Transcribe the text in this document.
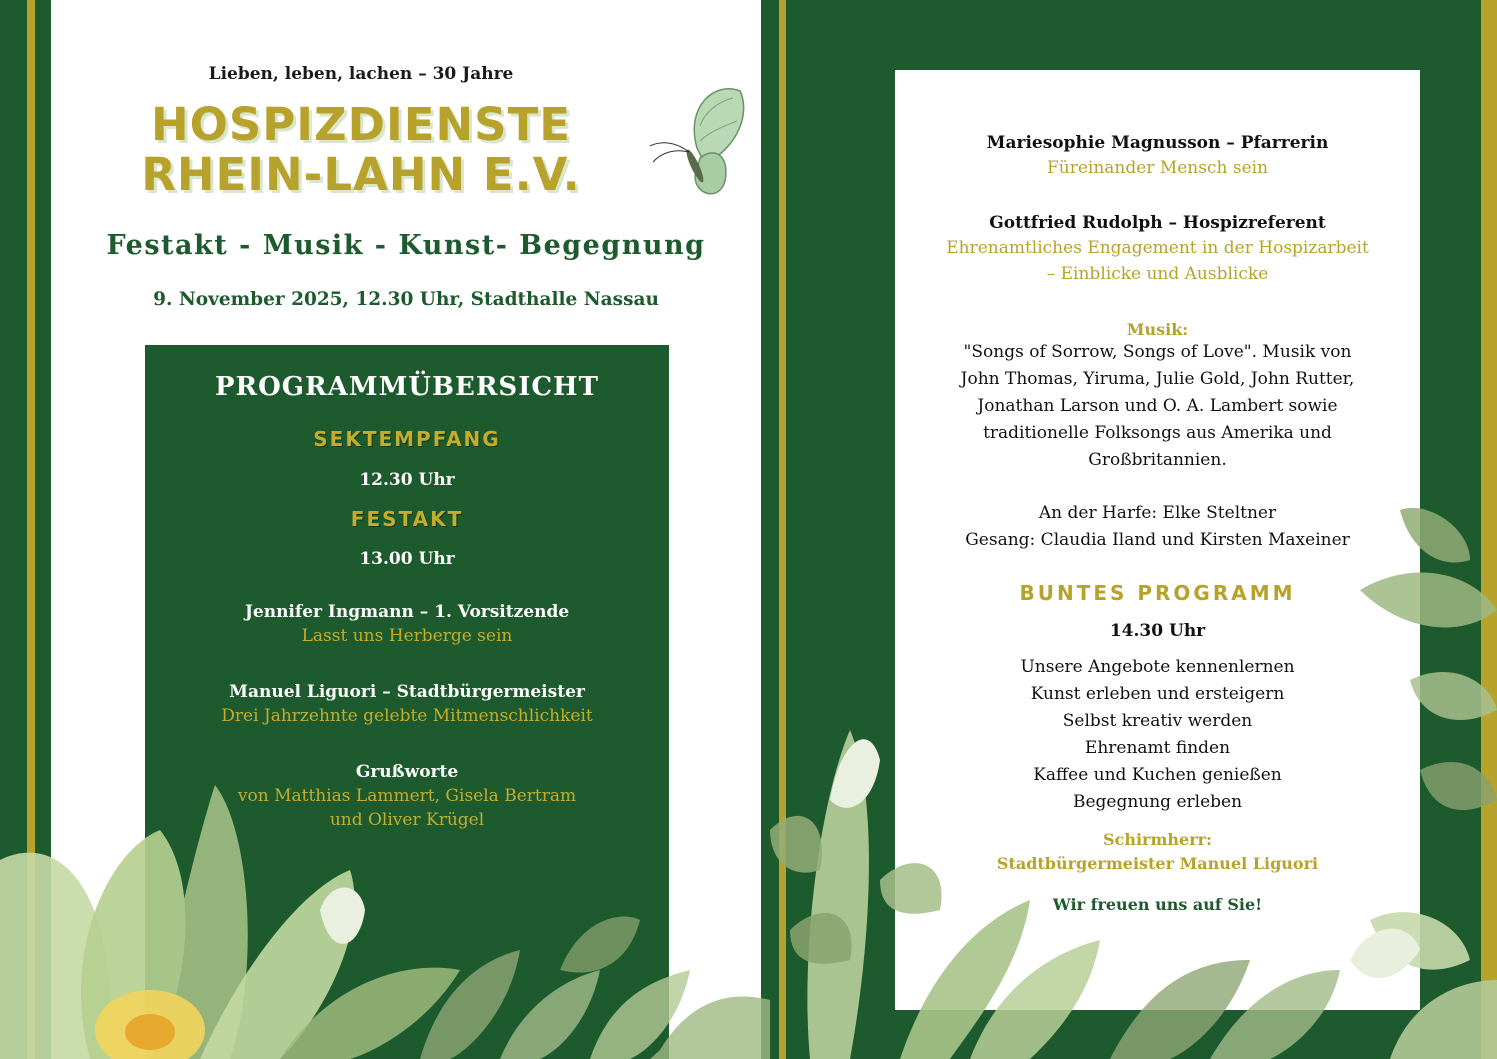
Lieben, leben, lachen – 30 Jahre
HOSPIZDIENSTE
RHEIN-LAHN E.V.
Festakt - Musik - Kunst- Begegnung
9. November 2025, 12.30 Uhr, Stadthalle Nassau
PROGRAMMÜBERSICHT
SEKTEMPFANG
12.30 Uhr
FESTAKT
13.00 Uhr
Jennifer Ingmann – 1. Vorsitzende
Lasst uns Herberge sein
Manuel Liguori – Stadtbürgermeister
Drei Jahrzehnte gelebte Mitmenschlichkeit
Grußworte
von Matthias Lammert, Gisela Bertram
und Oliver Krügel
Mariesophie Magnusson – Pfarrerin
Füreinander Mensch sein
Gottfried Rudolph – Hospizreferent
Ehrenamtliches Engagement in der Hospizarbeit
– Einblicke und Ausblicke
Musik:
"Songs of Sorrow, Songs of Love". Musik von
John Thomas, Yiruma, Julie Gold, John Rutter,
Jonathan Larson und O. A. Lambert sowie
traditionelle Folksongs aus Amerika und
Großbritannien.
An der Harfe: Elke Steltner
Gesang: Claudia Iland und Kirsten Maxeiner
BUNTES PROGRAMM
14.30 Uhr
Unsere Angebote kennenlernen
Kunst erleben und ersteigern
Selbst kreativ werden
Ehrenamt finden
Kaffee und Kuchen genießen
Begegnung erleben
Schirmherr:
Stadtbürgermeister Manuel Liguori
Wir freuen uns auf Sie!
